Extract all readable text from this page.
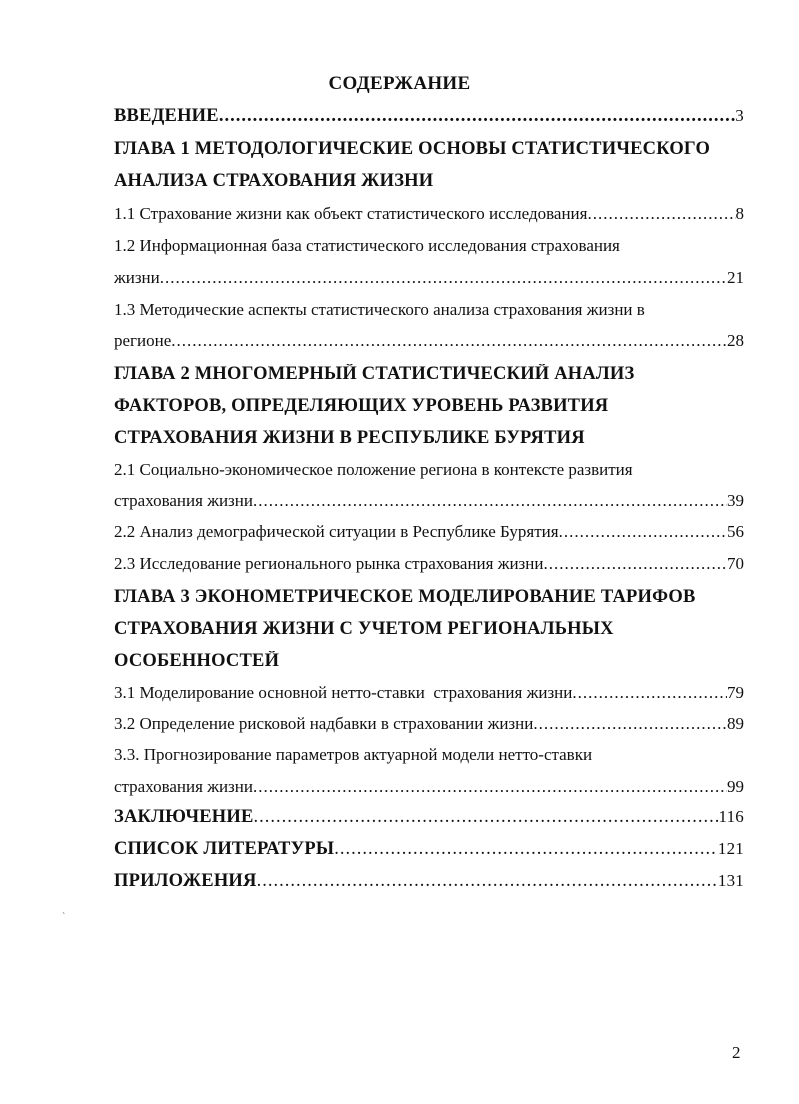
СОДЕРЖАНИЕ
ВВЕДЕНИЕ .....	3
ГЛАВА 1 МЕТОДОЛОГИЧЕСКИЕ ОСНОВЫ СТАТИСТИЧЕСКОГО
АНАЛИЗА СТРАХОВАНИЯ ЖИЗНИ
1.1 Страхование жизни как объект статистического исследования .....	8
1.2 Информационная база статистического исследования страхования
жизни .....	21
1.3 Методические аспекты статистического анализа страхования жизни в
регионе .....	28
ГЛАВА 2 МНОГОМЕРНЫЙ СТАТИСТИЧЕСКИЙ АНАЛИЗ
ФАКТОРОВ, ОПРЕДЕЛЯЮЩИХ УРОВЕНЬ РАЗВИТИЯ
СТРАХОВАНИЯ ЖИЗНИ В РЕСПУБЛИКЕ БУРЯТИЯ
2.1 Социально-экономическое положение региона в контексте развития
страхования жизни .....	39
2.2 Анализ демографической ситуации в Республике Бурятия .....	56
2.3 Исследование регионального рынка страхования жизни .....	70
ГЛАВА 3 ЭКОНОМЕТРИЧЕСКОЕ МОДЕЛИРОВАНИЕ ТАРИФОВ
СТРАХОВАНИЯ ЖИЗНИ С УЧЕТОМ РЕГИОНАЛЬНЫХ
ОСОБЕННОСТЕЙ
3.1 Моделирование основной нетто-ставки  страхования жизни .....	79
3.2 Определение рисковой надбавки в страховании жизни .....	89
3.3. Прогнозирование параметров актуарной модели нетто-ставки
страхования жизни .....	99
ЗАКЛЮЧЕНИЕ .....	116
СПИСОК ЛИТЕРАТУРЫ .....	121
ПРИЛОЖЕНИЯ .....	131
`
2
